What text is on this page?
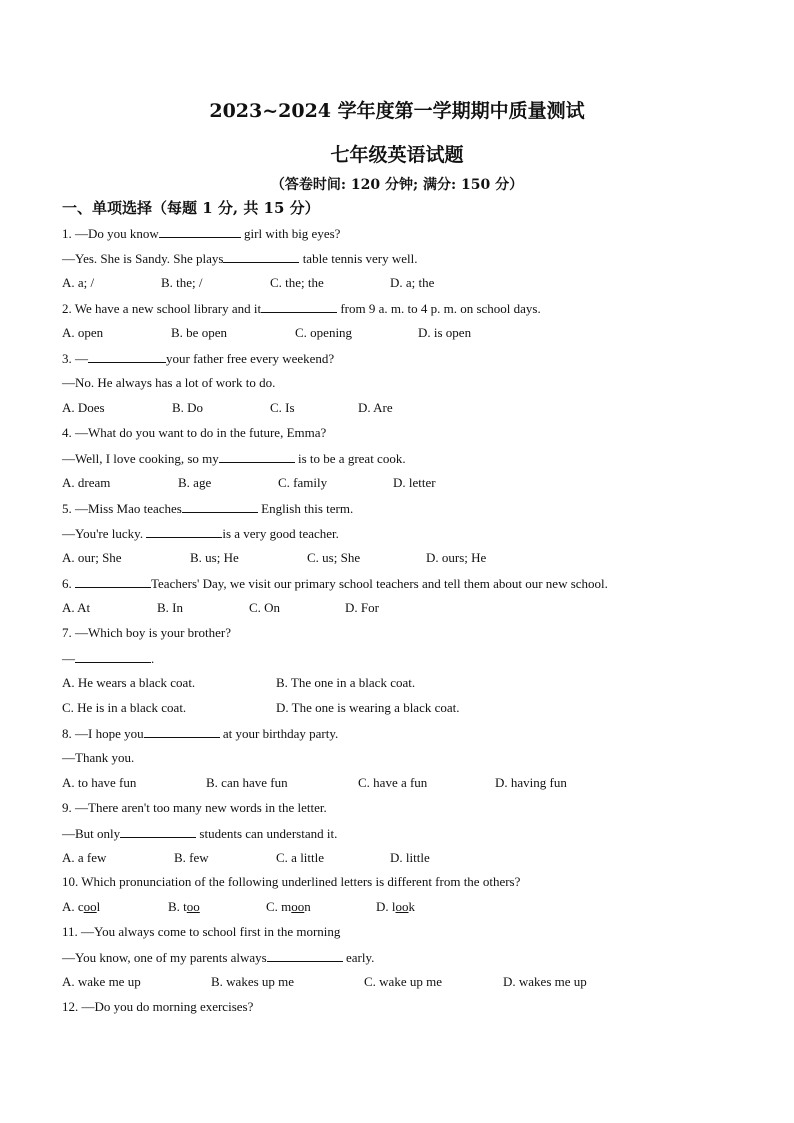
2023~2024 学年度第一学期期中质量测试
七年级英语试题
（答卷时间: 120 分钟; 满分: 150 分）
一、单项选择（每题 1 分, 共 15 分）
1. —Do you know	girl with big eyes?
—Yes. She is Sandy. She plays	table tennis very well.
A. a; /	B. the; /	C. the; the	D. a; the
2. We have a new school library and it	from 9 a. m. to 4 p. m. on school days.
A. open	B. be open	C. opening	D. is open
3. —	your father free every weekend?
—No. He always has a lot of work to do.
A. Does	B. Do	C. Is	D. Are
4. —What do you want to do in the future, Emma?
—Well, I love cooking, so my	is to be a great cook.
A. dream	B. age	C. family	D. letter
5. —Miss Mao teaches	English this term.
—You're lucky.	is a very good teacher.
A. our; She	B. us; He	C. us; She	D. ours; He
6.	Teachers' Day, we visit our primary school teachers and tell them about our new school.
A. At	B. In	C. On	D. For
7. —Which boy is your brother?
—	.
A. He wears a black coat.	B. The one in a black coat.
C. He is in a black coat.	D. The one is wearing a black coat.
8. —I hope you	at your birthday party.
—Thank you.
A. to have fun	B. can have fun	C. have a fun	D. having fun
9. —There aren't too many new words in the letter.
—But only	students can understand it.
A. a few	B. few	C. a little	D. little
10. Which pronunciation of the following underlined letters is different from the others?
A. cool	B. too	C. moon	D. look
11. —You always come to school first in the morning
—You know, one of my parents always	early.
A. wake me up	B. wakes up me	C. wake up me	D. wakes me up
12. —Do you do morning exercises?
